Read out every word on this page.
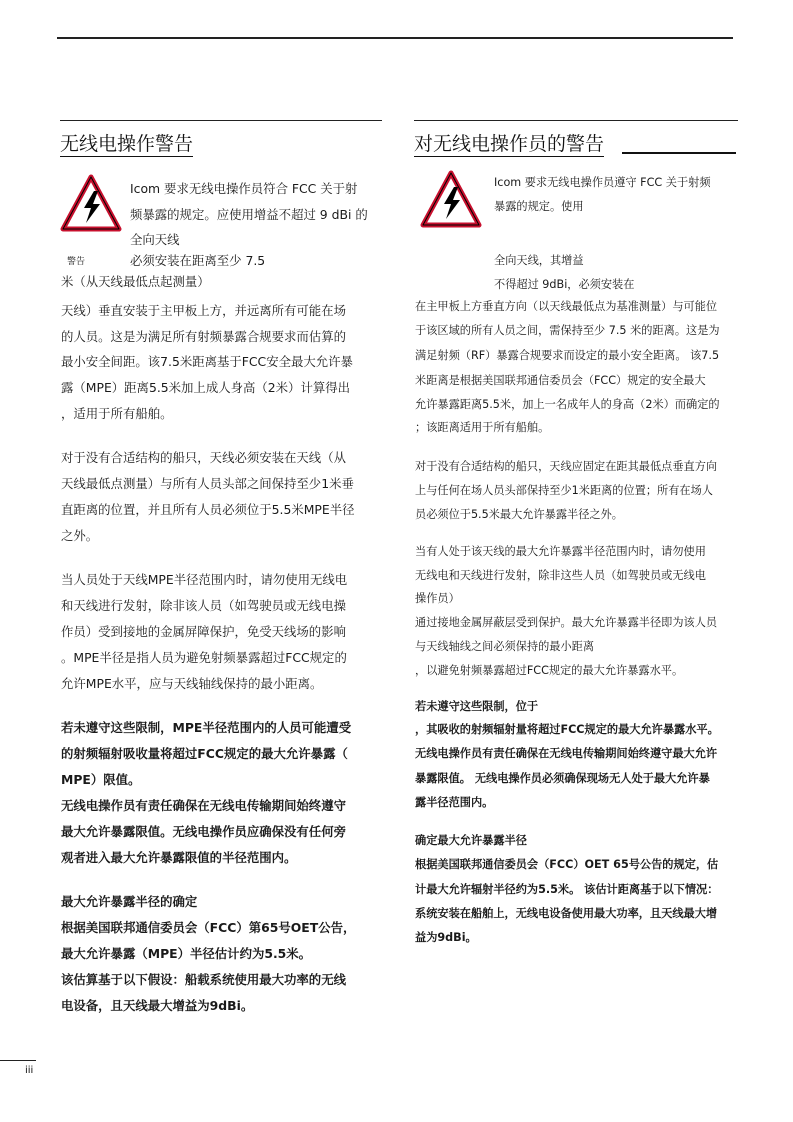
无线电操作警告
警告
Icom 要求无线电操作员符合 FCC 关于射
频暴露的规定。应使用增益不超过 9 dBi 的
全向天线
必须安装在距离至少 7.5
米（从天线最低点起测量）
天线）垂直安装于主甲板上方，并远离所有可能在场
的人员。这是为满足所有射频暴露合规要求而估算的
最小安全间距。该7.5米距离基于FCC安全最大允许暴
露（MPE）距离5.5米加上成人身高（2米）计算得出
，适用于所有船舶。
对于没有合适结构的船只，天线必须安装在天线（从
天线最低点测量）与所有人员头部之间保持至少1米垂
直距离的位置，并且所有人员必须位于5.5米MPE半径
之外。
当人员处于天线MPE半径范围内时，请勿使用无线电
和天线进行发射，除非该人员（如驾驶员或无线电操
作员）受到接地的金属屏障保护，免受天线场的影响
。MPE半径是指人员为避免射频暴露超过FCC规定的
允许MPE水平，应与天线轴线保持的最小距离。
若未遵守这些限制，MPE半径范围内的人员可能遭受
的射频辐射吸收量将超过FCC规定的最大允许暴露（
MPE）限值。
无线电操作员有责任确保在无线电传输期间始终遵守
最大允许暴露限值。无线电操作员应确保没有任何旁
观者进入最大允许暴露限值的半径范围内。
最大允许暴露半径的确定
根据美国联邦通信委员会（FCC）第65号OET公告，
最大允许暴露（MPE）半径估计约为5.5米。
该估算基于以下假设：船载系统使用最大功率的无线
电设备，且天线最大增益为9dBi。
对无线电操作员的警告
Icom 要求无线电操作员遵守 FCC 关于射频
暴露的规定。使用
全向天线，其增益
不得超过 9dBi，必须安装在
在主甲板上方垂直方向（以天线最低点为基准测量）与可能位
于该区域的所有人员之间，需保持至少 7.5 米的距离。这是为
满足射频（RF）暴露合规要求而设定的最小安全距离。 该7.5
米距离是根据美国联邦通信委员会（FCC）规定的安全最大
允许暴露距离5.5米，加上一名成年人的身高（2米）而确定的
；该距离适用于所有船舶。
对于没有合适结构的船只，天线应固定在距其最低点垂直方向
上与任何在场人员头部保持至少1米距离的位置；所有在场人
员必须位于5.5米最大允许暴露半径之外。
当有人处于该天线的最大允许暴露半径范围内时，请勿使用
无线电和天线进行发射，除非这些人员（如驾驶员或无线电
操作员）
通过接地金属屏蔽层受到保护。最大允许暴露半径即为该人员
与天线轴线之间必须保持的最小距离
，以避免射频暴露超过FCC规定的最大允许暴露水平。
若未遵守这些限制，位于
，其吸收的射频辐射量将超过FCC规定的最大允许暴露水平。
无线电操作员有责任确保在无线电传输期间始终遵守最大允许
暴露限值。 无线电操作员必须确保现场无人处于最大允许暴
露半径范围内。
确定最大允许暴露半径
根据美国联邦通信委员会（FCC）OET 65号公告的规定，估
计最大允许辐射半径约为5.5米。 该估计距离基于以下情况：
系统安装在船舶上，无线电设备使用最大功率，且天线最大增
益为9dBi。
iii
